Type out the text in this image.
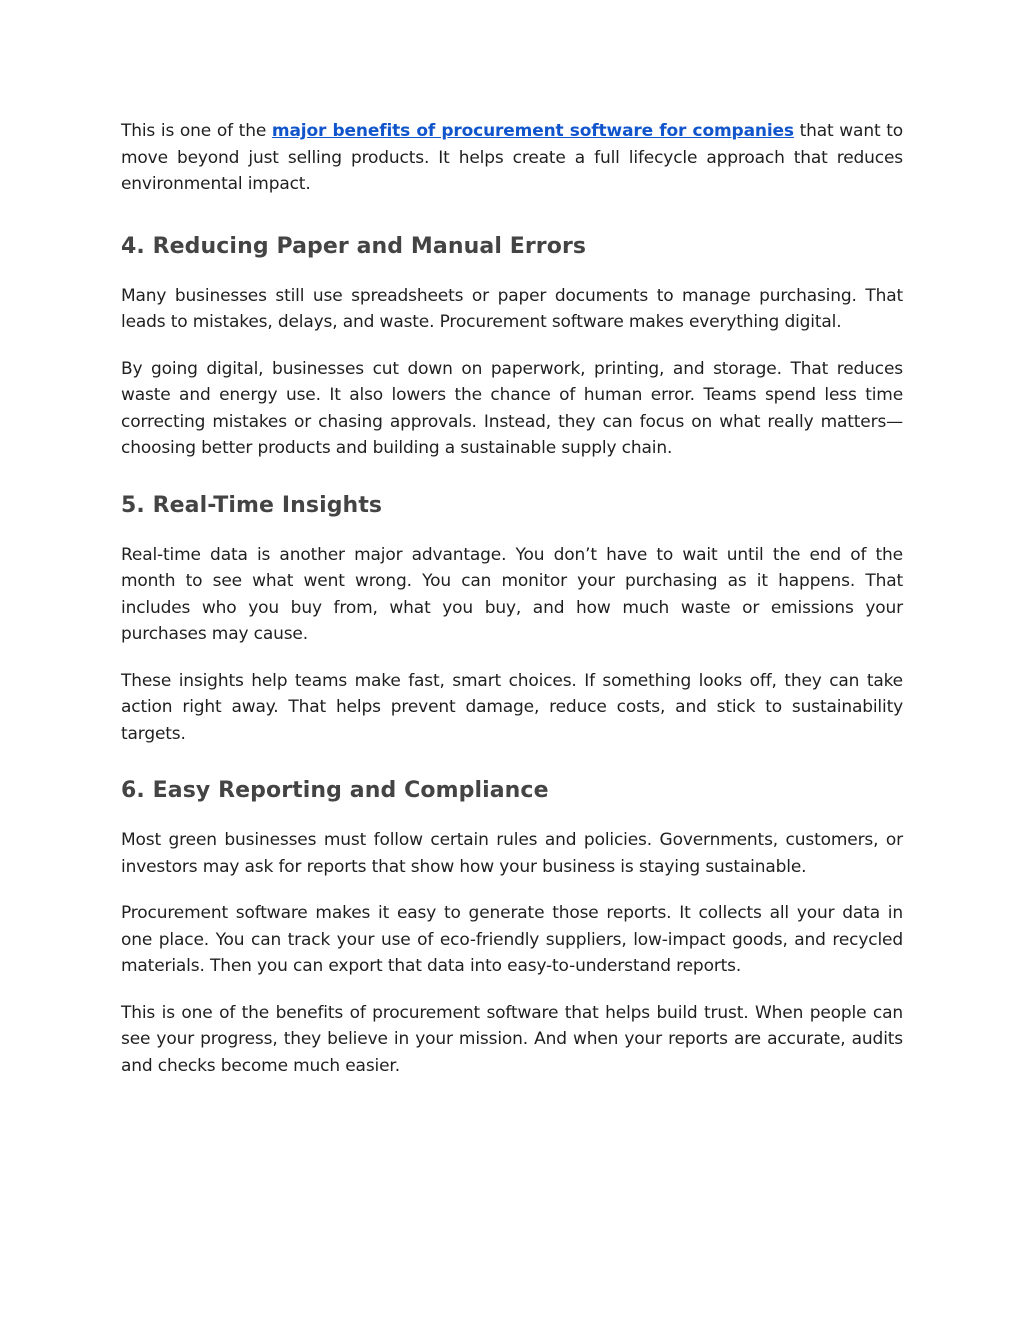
This is one of the major benefits of procurement software for companies that want to move beyond just selling products. It helps create a full lifecycle approach that reduces environmental impact.

4. Reducing Paper and Manual Errors

Many businesses still use spreadsheets or paper documents to manage purchasing. That leads to mistakes, delays, and waste. Procurement software makes everything digital.

By going digital, businesses cut down on paperwork, printing, and storage. That reduces waste and energy use. It also lowers the chance of human error. Teams spend less time correcting mistakes or chasing approvals. Instead, they can focus on what really matters—choosing better products and building a sustainable supply chain.

5. Real-Time Insights

Real-time data is another major advantage. You don’t have to wait until the end of the month to see what went wrong. You can monitor your purchasing as it happens. That includes who you buy from, what you buy, and how much waste or emissions your purchases may cause.

These insights help teams make fast, smart choices. If something looks off, they can take action right away. That helps prevent damage, reduce costs, and stick to sustainability targets.

6. Easy Reporting and Compliance

Most green businesses must follow certain rules and policies. Governments, customers, or investors may ask for reports that show how your business is staying sustainable.

Procurement software makes it easy to generate those reports. It collects all your data in one place. You can track your use of eco-friendly suppliers, low-impact goods, and recycled materials. Then you can export that data into easy-to-understand reports.

This is one of the benefits of procurement software that helps build trust. When people can see your progress, they believe in your mission. And when your reports are accurate, audits and checks become much easier.
